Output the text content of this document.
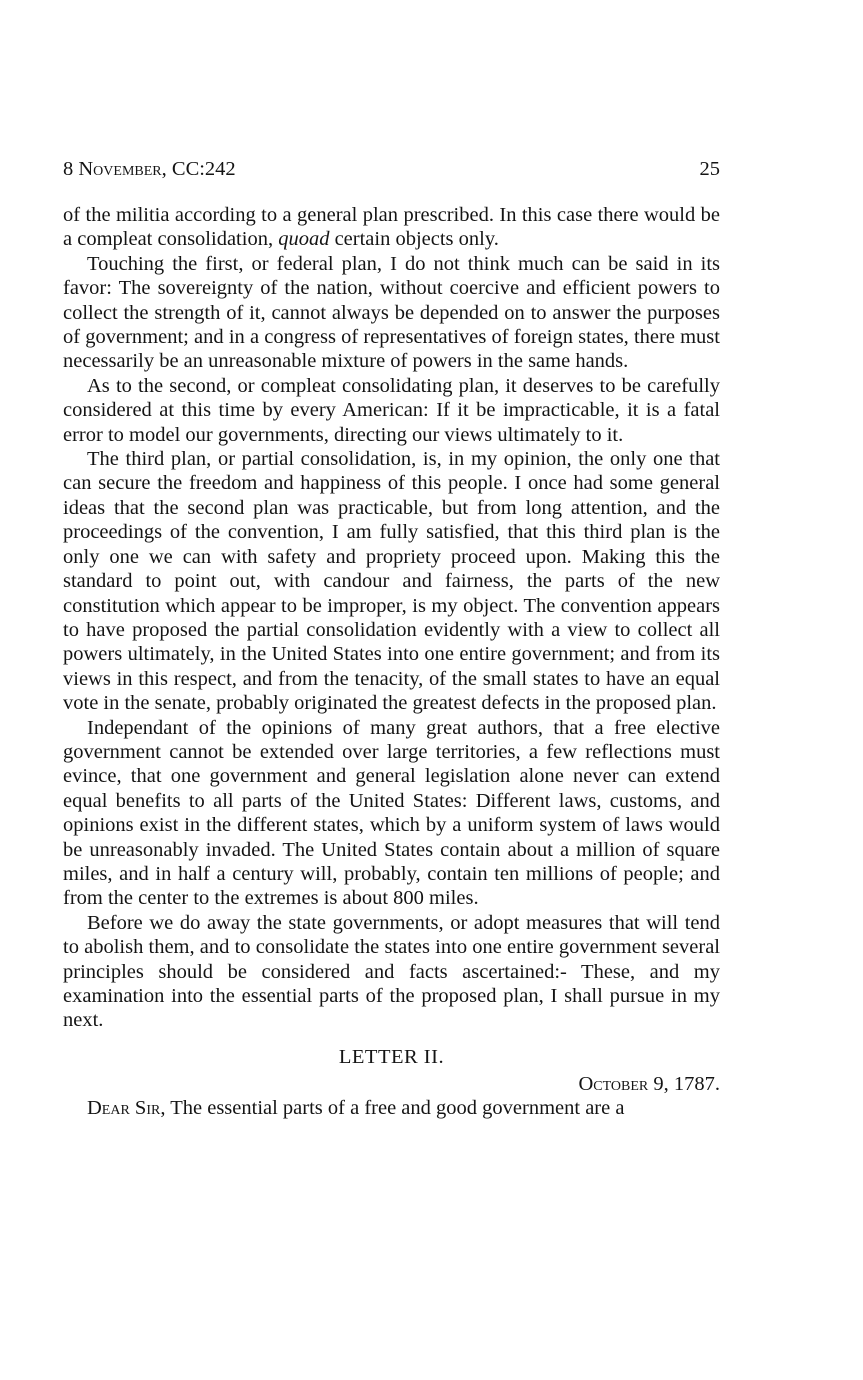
8 November, CC:242	25

of the militia according to a general plan prescribed. In this case there would be a compleat consolidation, quoad certain objects only.

Touching the first, or federal plan, I do not think much can be said in its favor: The sovereignty of the nation, without coercive and efficient powers to collect the strength of it, cannot always be depended on to answer the purposes of government; and in a congress of representatives of foreign states, there must necessarily be an unreasonable mixture of powers in the same hands.

As to the second, or compleat consolidating plan, it deserves to be carefully considered at this time by every American: If it be impracticable, it is a fatal error to model our governments, directing our views ultimately to it.

The third plan, or partial consolidation, is, in my opinion, the only one that can secure the freedom and happiness of this people. I once had some general ideas that the second plan was practicable, but from long attention, and the proceedings of the convention, I am fully satisfied, that this third plan is the only one we can with safety and propriety proceed upon. Making this the standard to point out, with candour and fairness, the parts of the new constitution which appear to be improper, is my object. The convention appears to have proposed the partial consolidation evidently with a view to collect all powers ultimately, in the United States into one entire government; and from its views in this respect, and from the tenacity, of the small states to have an equal vote in the senate, probably originated the greatest defects in the proposed plan.

Independant of the opinions of many great authors, that a free elective government cannot be extended over large territories, a few reflections must evince, that one government and general legislation alone never can extend equal benefits to all parts of the United States: Different laws, customs, and opinions exist in the different states, which by a uniform system of laws would be unreasonably invaded. The United States contain about a million of square miles, and in half a century will, probably, contain ten millions of people; and from the center to the extremes is about 800 miles.

Before we do away the state governments, or adopt measures that will tend to abolish them, and to consolidate the states into one entire government several principles should be considered and facts ascertained:- These, and my examination into the essential parts of the proposed plan, I shall pursue in my next.

LETTER II.
October 9, 1787.

Dear Sir, The essential parts of a free and good government are a
